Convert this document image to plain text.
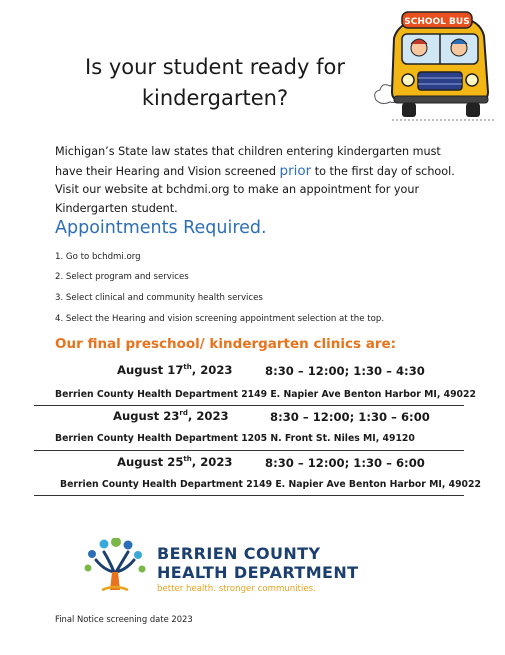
Is your student ready for
kindergarten?
SCHOOL BUS
Michigan’s State law states that children entering kindergarten must have their Hearing and Vision screened prior to the first day of school. Visit our website at bchdmi.org to make an appointment for your Kindergarten student.
Appointments Required.
1. Go to bchdmi.org
2. Select program and services
3. Select clinical and community health services
4. Select the Hearing and vision screening appointment selection at the top.
Our final preschool/ kindergarten clinics are:
August 17th, 2023	8:30 – 12:00; 1:30 – 4:30
Berrien County Health Department 2149 E. Napier Ave Benton Harbor MI, 49022
August 23rd, 2023	8:30 – 12:00; 1:30 – 6:00
Berrien County Health Department 1205 N. Front St. Niles MI, 49120
August 25th, 2023	8:30 – 12:00; 1:30 – 6:00
Berrien County Health Department 2149 E. Napier Ave Benton Harbor MI, 49022
BERRIEN COUNTY
HEALTH DEPARTMENT
better health. stronger communities.
Final Notice screening date 2023
